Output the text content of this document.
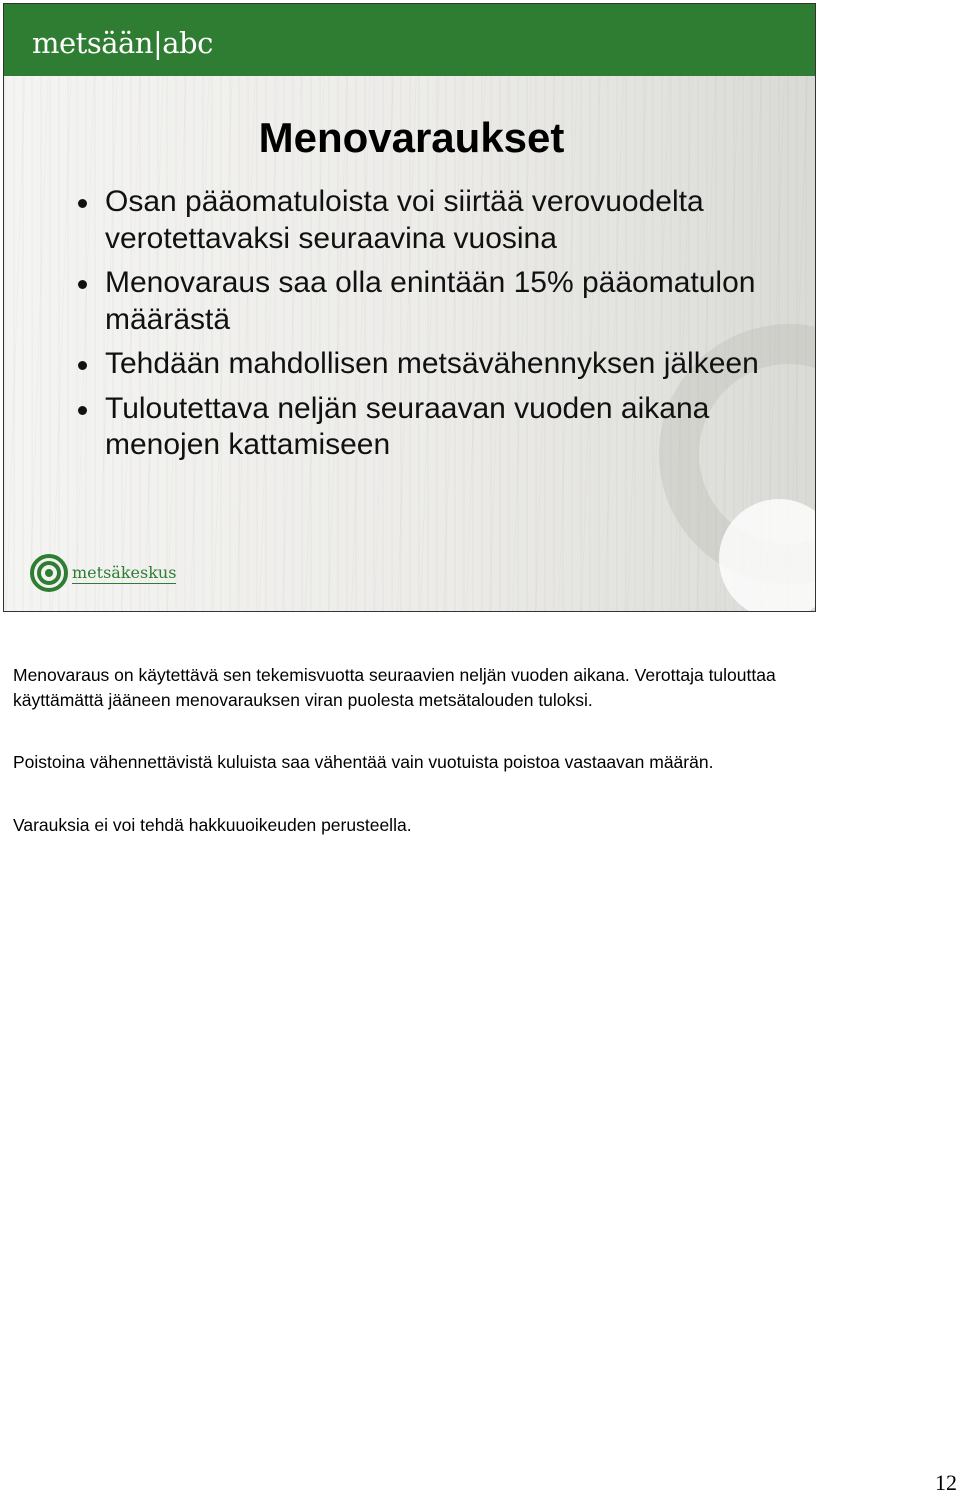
metsään|abc
Menovaraukset
Osan pääomatuloista voi siirtää verovuodelta verotettavaksi seuraavina vuosina
Menovaraus saa olla enintään 15% pääomatulon määrästä
Tehdään mahdollisen metsävähennyksen jälkeen
Tuloutettava neljän seuraavan vuoden aikana menojen kattamiseen
metsäkeskus

Menovaraus on käytettävä sen tekemisvuotta seuraavien neljän vuoden aikana. Verottaja tulouttaa käyttämättä jääneen menovarauksen viran puolesta metsätalouden tuloksi.

Poistoina vähennettävistä kuluista saa vähentää vain vuotuista poistoa vastaavan määrän.

Varauksia ei voi tehdä hakkuuoikeuden perusteella.

12
